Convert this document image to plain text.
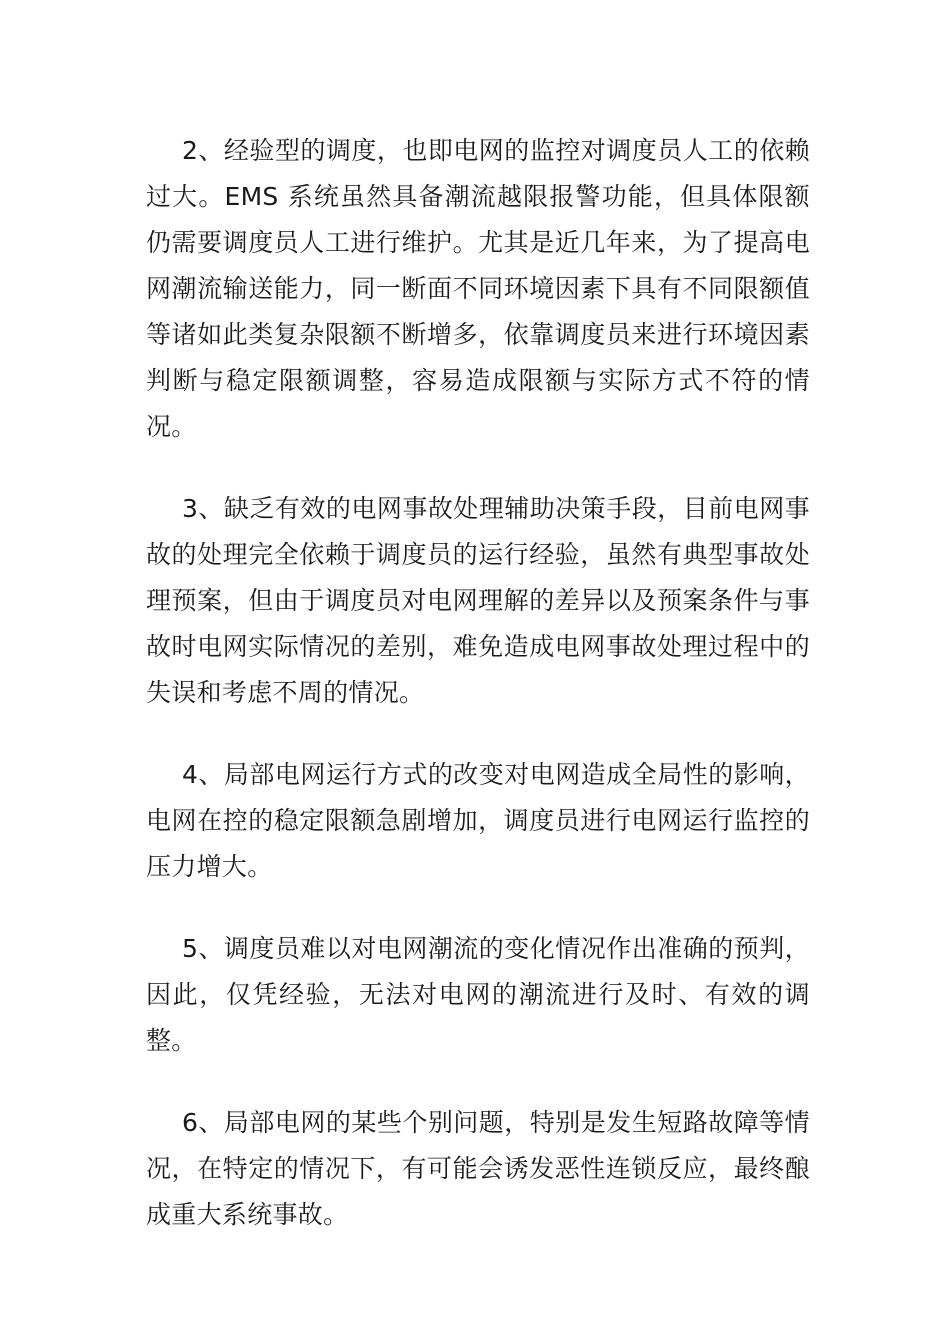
2、经验型的调度，也即电网的监控对调度员人工的依赖过大。EMS 系统虽然具备潮流越限报警功能，但具体限额仍需要调度员人工进行维护。尤其是近几年来，为了提高电网潮流输送能力，同一断面不同环境因素下具有不同限额值等诸如此类复杂限额不断增多，依靠调度员来进行环境因素判断与稳定限额调整，容易造成限额与实际方式不符的情况。

3、缺乏有效的电网事故处理辅助决策手段，目前电网事故的处理完全依赖于调度员的运行经验，虽然有典型事故处理预案，但由于调度员对电网理解的差异以及预案条件与事故时电网实际情况的差别，难免造成电网事故处理过程中的失误和考虑不周的情况。

4、局部电网运行方式的改变对电网造成全局性的影响，电网在控的稳定限额急剧增加，调度员进行电网运行监控的压力增大。

5、调度员难以对电网潮流的变化情况作出准确的预判，因此，仅凭经验，无法对电网的潮流进行及时、有效的调整。

6、局部电网的某些个别问题，特别是发生短路故障等情况，在特定的情况下，有可能会诱发恶性连锁反应，最终酿成重大系统事故。
